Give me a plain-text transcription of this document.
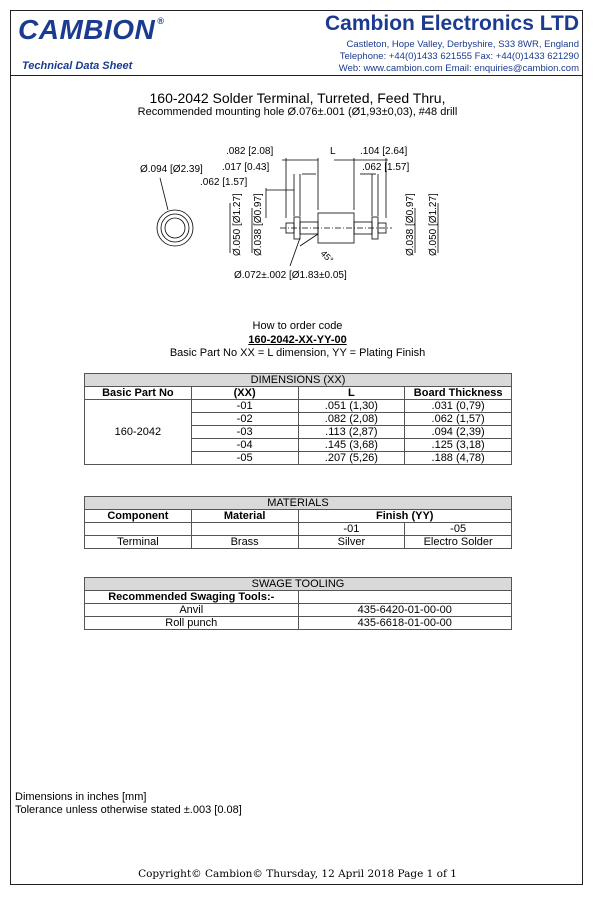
CAMBION ®
Technical Data Sheet
Cambion Electronics LTD
Castleton, Hope Valley, Derbyshire, S33 8WR, England
Telephone: +44(0)1433 621555 Fax: +44(0)1433 621290
Web: www.cambion.com Email: enquiries@cambion.com
160-2042 Solder Terminal, Turreted, Feed Thru,
Recommended mounting hole Ø.076±.001 (Ø1,93±0,03), #48 drill
.082 [2.08]	L .104 [2.64]
.017 [0.43]	.062 [1.57]
.062 [1.57]
Ø.094 [Ø2.39]
45°
Ø.072±.002 [Ø1.83±0.05]
Ø.050 [Ø1.27] Ø.038 [Ø0.97]	Ø.038 [Ø0.97] Ø.050 [Ø1.27]
How to order code
160-2042-XX-YY-00
Basic Part No XX = L dimension, YY = Plating Finish
DIMENSIONS (XX)			
Basic Part No	(XX)	L	Board Thickness
160-2042	-01	.051 (1,30)	.031 (0,79)
	-02	.082 (2,08)	.062 (1,57)
	-03	.113 (2,87)	.094 (2,39)
	-04	.145 (3,68)	.125 (3,18)
	-05	.207 (5,26)	.188 (4,78)
MATERIALS			
Component	Material	Finish (YY)	
		-01	-05
Terminal	Brass	Silver	Electro Solder
SWAGE TOOLING	
Recommended Swaging Tools:-	
Anvil	435-6420-01-00-00
Roll punch	435-6618-01-00-00
Dimensions in inches [mm]
Tolerance unless otherwise stated ±.003 [0.08]
Copyright© Cambion© Thursday, 12 April 2018 Page 1 of 1
